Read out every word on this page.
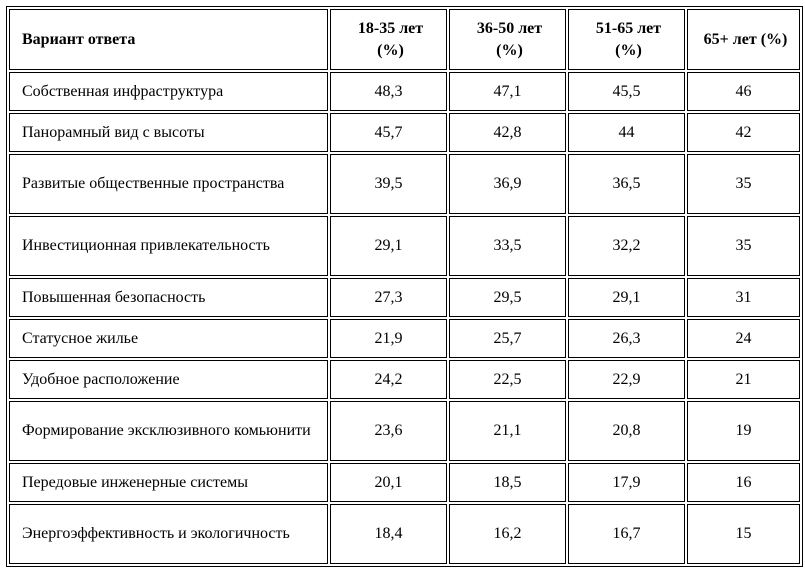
Вариант ответа	18-35 лет (%)	36-50 лет (%)	51-65 лет (%)	65+ лет (%)
Собственная инфраструктура	48,3	47,1	45,5	46
Панорамный вид с высоты	45,7	42,8	44	42
Развитые общественные пространства	39,5	36,9	36,5	35
Инвестиционная привлекательность	29,1	33,5	32,2	35
Повышенная безопасность	27,3	29,5	29,1	31
Статусное жилье	21,9	25,7	26,3	24
Удобное расположение	24,2	22,5	22,9	21
Формирование эксклюзивного комьюнити	23,6	21,1	20,8	19
Передовые инженерные системы	20,1	18,5	17,9	16
Энергоэффективность и экологичность	18,4	16,2	16,7	15
